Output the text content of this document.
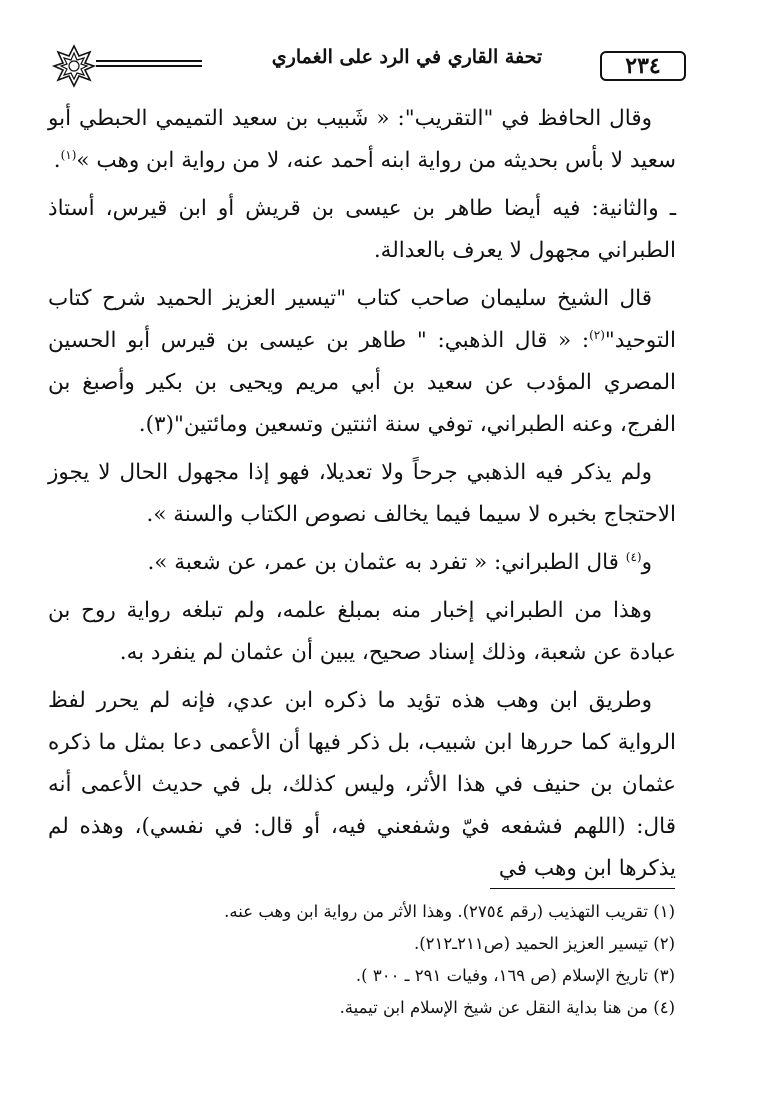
تحفة القاري في الرد على الغماري	٢٣٤

وقال الحافظ في "التقريب": « شَبيب بن سعيد التميمي الحبطي أبو سعيد لا بأس بحديثه من رواية ابنه أحمد عنه، لا من رواية ابن وهب »$^{(١)}$.

ـ والثانية: فيه أيضا طاهر بن عيسى بن قريش أو ابن قيرس، أستاذ الطبراني مجهول لا يعرف بالعدالة.

قال الشيخ سليمان صاحب كتاب "تيسير العزيز الحميد شرح كتاب التوحيد"$^{(٢)}$: « قال الذهبي: " طاهر بن عيسى بن قيرس أبو الحسين المصري المؤدب عن سعيد بن أبي مريم ويحيى بن بكير وأصبغ بن الفرج، وعنه الطبراني، توفي سنة اثنتين وتسعين ومائتين"(٣).

ولم يذكر فيه الذهبي جرحاً ولا تعديلا، فهو إذا مجهول الحال لا يجوز الاحتجاج بخبره لا سيما فيما يخالف نصوص الكتاب والسنة ».

و$^{(٤)}$ قال الطبراني: « تفرد به عثمان بن عمر، عن شعبة ».

وهذا من الطبراني إخبار منه بمبلغ علمه، ولم تبلغه رواية روح بن عبادة عن شعبة، وذلك إسناد صحيح، يبين أن عثمان لم ينفرد به.

وطريق ابن وهب هذه تؤيد ما ذكره ابن عدي، فإنه لم يحرر لفظ الرواية كما حررها ابن شبيب، بل ذكر فيها أن الأعمى دعا بمثل ما ذكره عثمان بن حنيف في هذا الأثر، وليس كذلك، بل في حديث الأعمى أنه قال: (اللهم فشفعه فيّ وشفعني فيه، أو قال: في نفسي)، وهذه لم يذكرها ابن وهب في

(١) تقريب التهذيب (رقم ٢٧٥٤). وهذا الأثر من رواية ابن وهب عنه.

(٢) تيسير العزيز الحميد (ص٢١١ـ٢١٢).

(٣) تاريخ الإسلام (ص ١٦٩، وفيات ٢٩١ ـ ٣٠٠ ).

(٤) من هنا بداية النقل عن شيخ الإسلام ابن تيمية.
